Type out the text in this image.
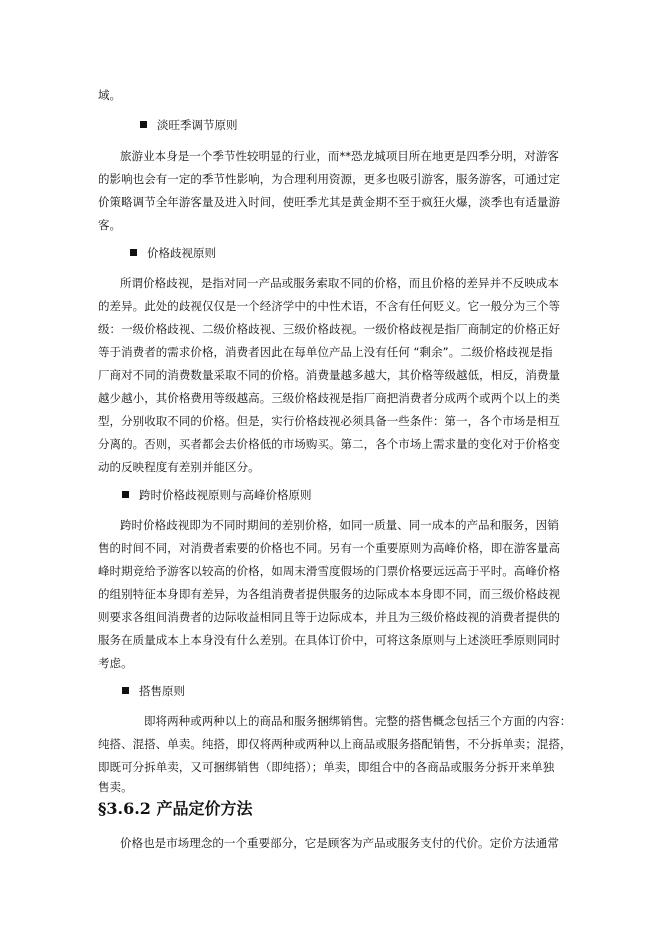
域。
淡旺季调节原则
旅游业本身是一个季节性较明显的行业，而**恐龙城项目所在地更是四季分明，对游客
的影响也会有一定的季节性影响，为合理利用资源，更多也吸引游客，服务游客，可通过定
价策略调节全年游客量及进入时间，使旺季尤其是黄金期不至于疯狂火爆，淡季也有适量游
客。
价格歧视原则
所谓价格歧视，是指对同一产品或服务索取不同的价格，而且价格的差异并不反映成本
的差异。此处的歧视仅仅是一个经济学中的中性术语，不含有任何贬义。它一般分为三个等
级：一级价格歧视、二级价格歧视、三级价格歧视。一级价格歧视是指厂商制定的价格正好
等于消费者的需求价格，消费者因此在每单位产品上没有任何 “剩余”。二级价格歧视是指
厂商对不同的消费数量采取不同的价格。消费量越多越大，其价格等级越低，相反，消费量
越少越小，其价格费用等级越高。三级价格歧视是指厂商把消费者分成两个或两个以上的类
型，分别收取不同的价格。但是，实行价格歧视必须具备一些条件：第一，各个市场是相互
分离的。否则，买者都会去价格低的市场购买。第二，各个市场上需求量的变化对于价格变
动的反映程度有差别并能区分。
跨时价格歧视原则与高峰价格原则
跨时价格歧视即为不同时期间的差别价格，如同一质量、同一成本的产品和服务，因销
售的时间不同，对消费者索要的价格也不同。另有一个重要原则为高峰价格，即在游客量高
峰时期竞给予游客以较高的价格，如周末滑雪度假场的门票价格要远远高于平时。高峰价格
的组别特征本身即有差异，为各组消费者提供服务的边际成本本身即不同，而三级价格歧视
则要求各组间消费者的边际收益相同且等于边际成本，并且为三级价格歧视的消费者提供的
服务在质量成本上本身没有什么差别。在具体订价中，可将这条原则与上述淡旺季原则同时
考虑。
搭售原则
即将两种或两种以上的商品和服务捆绑销售。完整的搭售概念包括三个方面的内容：
纯搭、混搭、单卖。纯搭，即仅将两种或两种以上商品或服务搭配销售，不分拆单卖；混搭，
即既可分拆单卖，又可捆绑销售（即纯搭）；单卖，即组合中的各商品或服务分拆开来单独
售卖。
§3.6.2 产品定价方法
价格也是市场理念的一个重要部分，它是顾客为产品或服务支付的代价。定价方法通常
